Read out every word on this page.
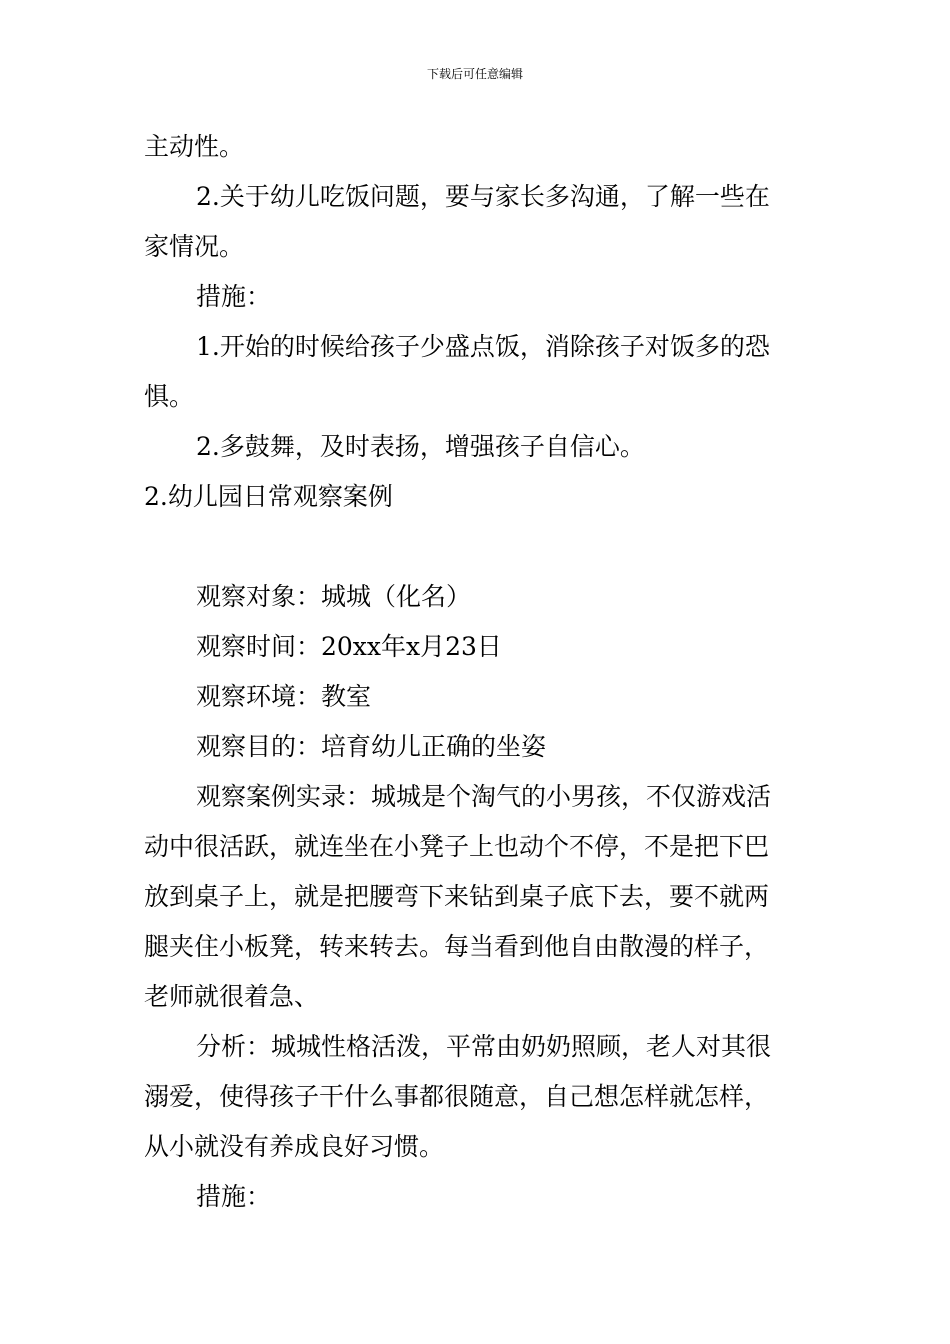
下载后可任意编辑
主动性。
2.关于幼儿吃饭问题，要与家长多沟通，了解一些在
家情况。
措施：
1.开始的时候给孩子少盛点饭，消除孩子对饭多的恐
惧。
2.多鼓舞，及时表扬，增强孩子自信心。
2.幼儿园日常观察案例
观察对象：城城（化名）
观察时间：20xx年x月23日
观察环境：教室
观察目的：培育幼儿正确的坐姿
观察案例实录：城城是个淘气的小男孩，不仅游戏活
动中很活跃，就连坐在小凳子上也动个不停，不是把下巴
放到桌子上，就是把腰弯下来钻到桌子底下去，要不就两
腿夹住小板凳，转来转去。每当看到他自由散漫的样子，
老师就很着急、
分析：城城性格活泼，平常由奶奶照顾，老人对其很
溺爱，使得孩子干什么事都很随意，自己想怎样就怎样，
从小就没有养成良好习惯。
措施：
